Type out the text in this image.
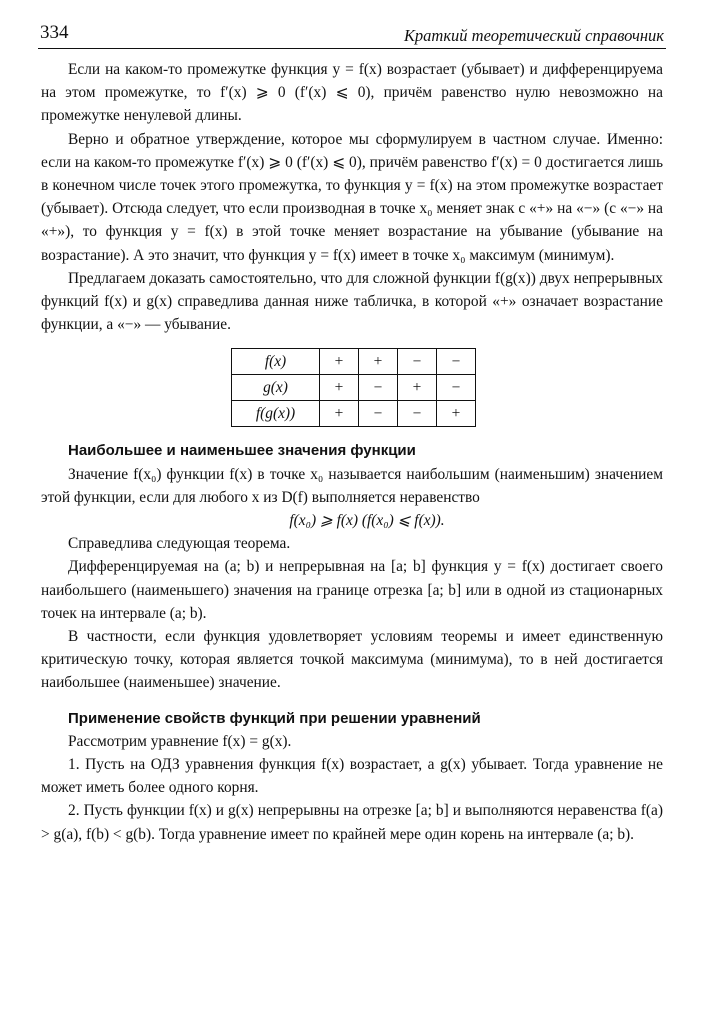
334	Краткий теоретический справочник

Если на каком-то промежутке функция y = f(x) возрастает (убывает) и дифференцируема на этом промежутке, то f′(x) ⩾ 0 (f′(x) ⩽ 0), причём равенство нулю невозможно на промежутке ненулевой длины.

Верно и обратное утверждение, которое мы сформулируем в частном случае. Именно: если на каком-то промежутке f′(x) ⩾ 0 (f′(x) ⩽ 0), причём равенство f′(x) = 0 достигается лишь в конечном числе точек этого промежутка, то функция y = f(x) на этом промежутке возрастает (убывает). Отсюда следует, что если производная в точке x₀ меняет знак с «+» на «−» (с «−» на «+»), то функция y = f(x) в этой точке меняет возрастание на убывание (убывание на возрастание). А это значит, что функция y = f(x) имеет в точке x₀ максимум (минимум).

Предлагаем доказать самостоятельно, что для сложной функции f(g(x)) двух непрерывных функций f(x) и g(x) справедлива данная ниже табличка, в которой «+» означает возрастание функции, а «−» — убывание.

f(x)	+	+	−	−
g(x)	+	−	+	−
f(g(x))	+	−	−	+
Наибольшее и наименьшее значения функции

Значение f(x₀) функции f(x) в точке x₀ называется наибольшим (наименьшим) значением этой функции, если для любого x из D(f) выполняется неравенство

f(x₀) ⩾ f(x) (f(x₀) ⩽ f(x)).

Справедлива следующая теорема.

Дифференцируемая на (a; b) и непрерывная на [a; b] функция y = f(x) достигает своего наибольшего (наименьшего) значения на границе отрезка [a; b] или в одной из стационарных точек на интервале (a; b).

В частности, если функция удовлетворяет условиям теоремы и имеет единственную критическую точку, которая является точкой максимума (минимума), то в ней достигается наибольшее (наименьшее) значение.

Применение свойств функций при решении уравнений

Рассмотрим уравнение f(x) = g(x).

1. Пусть на ОДЗ уравнения функция f(x) возрастает, а g(x) убывает. Тогда уравнение не может иметь более одного корня.

2. Пусть функции f(x) и g(x) непрерывны на отрезке [a; b] и выполняются неравенства f(a) > g(a), f(b) < g(b). Тогда уравнение имеет по крайней мере один корень на интервале (a; b).
